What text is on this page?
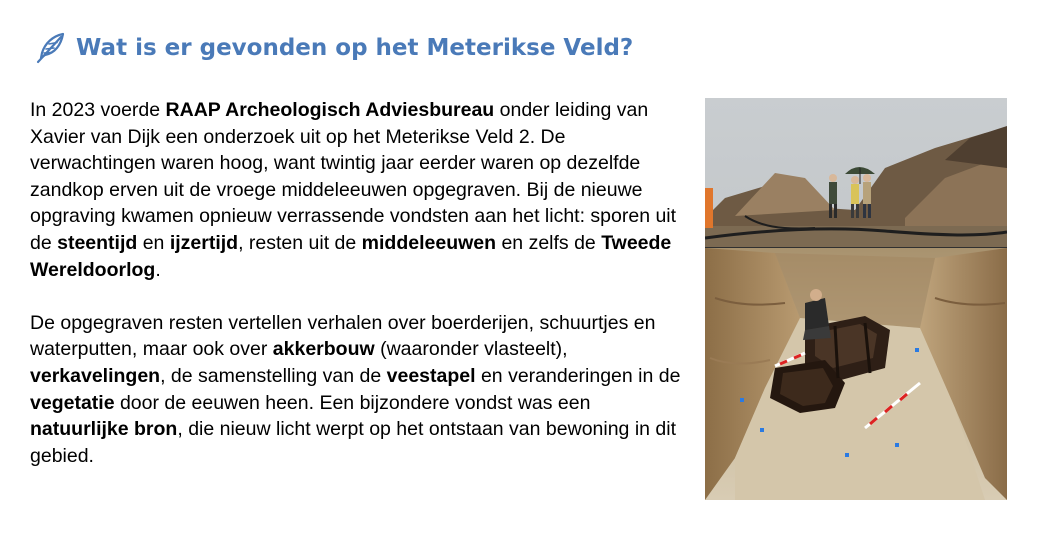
Wat is er gevonden op het Meterikse Veld?

In 2023 voerde RAAP Archeologisch Adviesbureau onder leiding van Xavier van Dijk een onderzoek uit op het Meterikse Veld 2. De verwachtingen waren hoog, want twintig jaar eerder waren op dezelfde zandkop erven uit de vroege middeleeuwen opgegraven. Bij de nieuwe opgraving kwamen opnieuw verrassende vondsten aan het licht: sporen uit de steentijd en ijzertijd, resten uit de middeleeuwen en zelfs de Tweede Wereldoorlog.

De opgegraven resten vertellen verhalen over boerderijen, schuurtjes en waterputten, maar ook over akkerbouw (waaronder vlasteelt), verkavelingen, de samenstelling van de veestapel en veranderingen in de vegetatie door de eeuwen heen. Een bijzondere vondst was een natuurlijke bron, die nieuw licht werpt op het ontstaan van bewoning in dit gebied.
